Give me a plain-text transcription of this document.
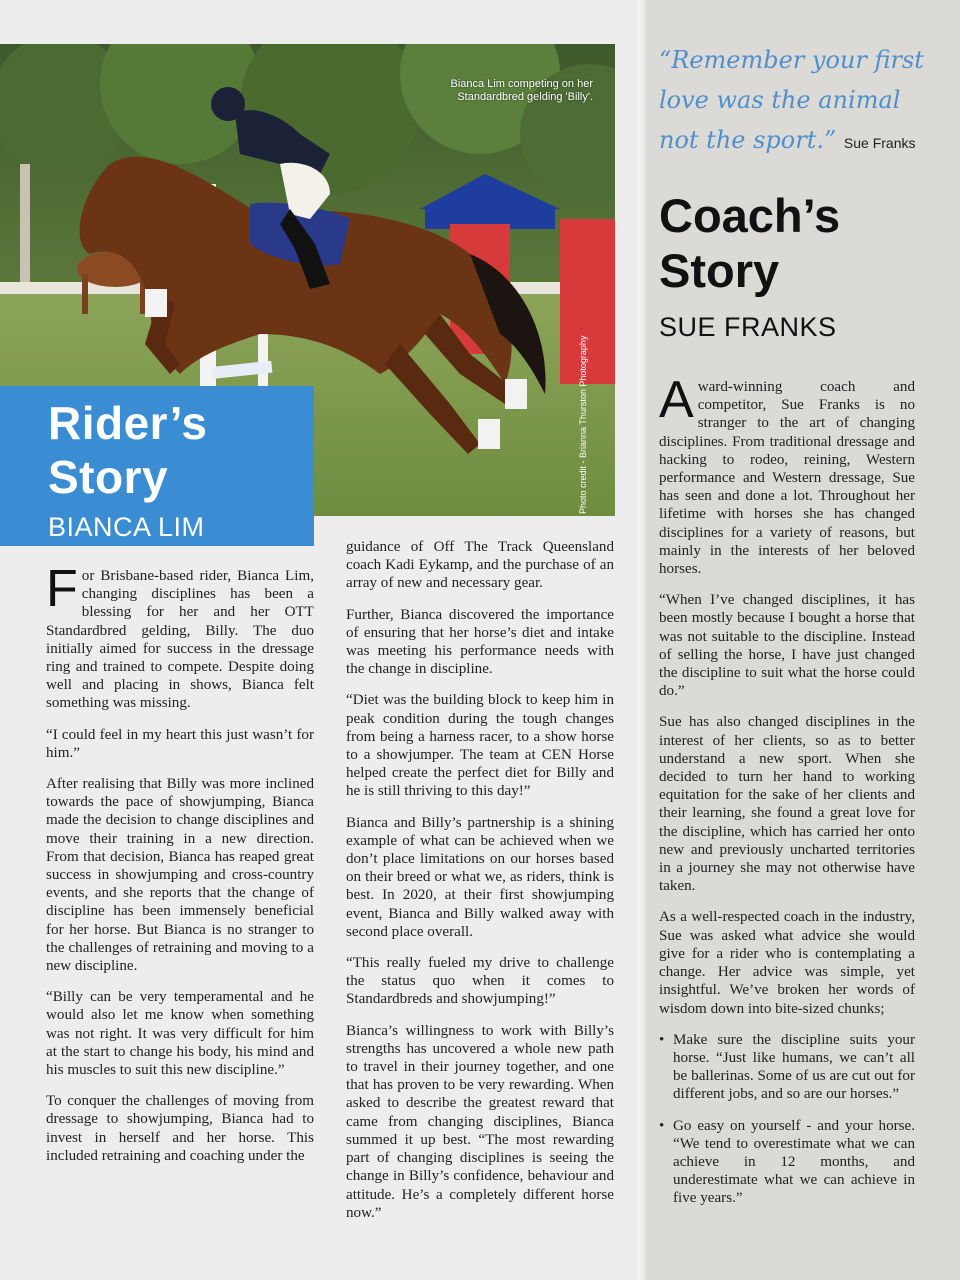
Bianca Lim competing on her Standardbred gelding 'Billy'.
Photo credit - Brianna Thurston Photography
Rider’s
Story
BIANCA LIM

For Brisbane-based rider, Bianca Lim, changing disciplines has been a blessing for her and her OTT Standardbred gelding, Billy. The duo initially aimed for success in the dressage ring and trained to compete. Despite doing well and placing in shows, Bianca felt something was missing.

“I could feel in my heart this just wasn’t for him.”

After realising that Billy was more inclined towards the pace of showjumping, Bianca made the decision to change disciplines and move their training in a new direction. From that decision, Bianca has reaped great success in showjumping and cross-country events, and she reports that the change of discipline has been immensely beneficial for her horse. But Bianca is no stranger to the challenges of retraining and moving to a new discipline.

“Billy can be very temperamental and he would also let me know when something was not right. It was very difficult for him at the start to change his body, his mind and his muscles to suit this new discipline.”

To conquer the challenges of moving from dressage to showjumping, Bianca had to invest in herself and her horse. This included retraining and coaching under the

guidance of Off The Track Queensland coach Kadi Eykamp, and the purchase of an array of new and necessary gear.

Further, Bianca discovered the importance of ensuring that her horse’s diet and intake was meeting his performance needs with the change in discipline.

“Diet was the building block to keep him in peak condition during the tough changes from being a harness racer, to a show horse to a showjumper. The team at CEN Horse helped create the perfect diet for Billy and he is still thriving to this day!”

Bianca and Billy’s partnership is a shining example of what can be achieved when we don’t place limitations on our horses based on their breed or what we, as riders, think is best. In 2020, at their first showjumping event, Bianca and Billy walked away with second place overall.

“This really fueled my drive to challenge the status quo when it comes to Standardbreds and showjumping!”

Bianca’s willingness to work with Billy’s strengths has uncovered a whole new path to travel in their journey together, and one that has proven to be very rewarding. When asked to describe the greatest reward that came from changing disciplines, Bianca summed it up best. “The most rewarding part of changing disciplines is seeing the change in Billy’s confidence, behaviour and attitude. He’s a completely different horse now.”

“Remember your first love was the animal not the sport.” Sue Franks
Coach’s
Story
SUE FRANKS

Award-winning coach and competitor, Sue Franks is no stranger to the art of changing disciplines. From traditional dressage and hacking to rodeo, reining, Western performance and Western dressage, Sue has seen and done a lot. Throughout her lifetime with horses she has changed disciplines for a variety of reasons, but mainly in the interests of her beloved horses.

“When I’ve changed disciplines, it has been mostly because I bought a horse that was not suitable to the discipline. Instead of selling the horse, I have just changed the discipline to suit what the horse could do.”

Sue has also changed disciplines in the interest of her clients, so as to better understand a new sport. When she decided to turn her hand to working equitation for the sake of her clients and their learning, she found a great love for the discipline, which has carried her onto new and previously uncharted territories in a journey she may not otherwise have taken.

As a well-respected coach in the industry, Sue was asked what advice she would give for a rider who is contemplating a change. Her advice was simple, yet insightful. We’ve broken her words of wisdom down into bite-sized chunks;

• Make sure the discipline suits your horse. “Just like humans, we can’t all be ballerinas. Some of us are cut out for different jobs, and so are our horses.”
• Go easy on yourself - and your horse. “We tend to overestimate what we can achieve in 12 months, and underestimate what we can achieve in five years.”
